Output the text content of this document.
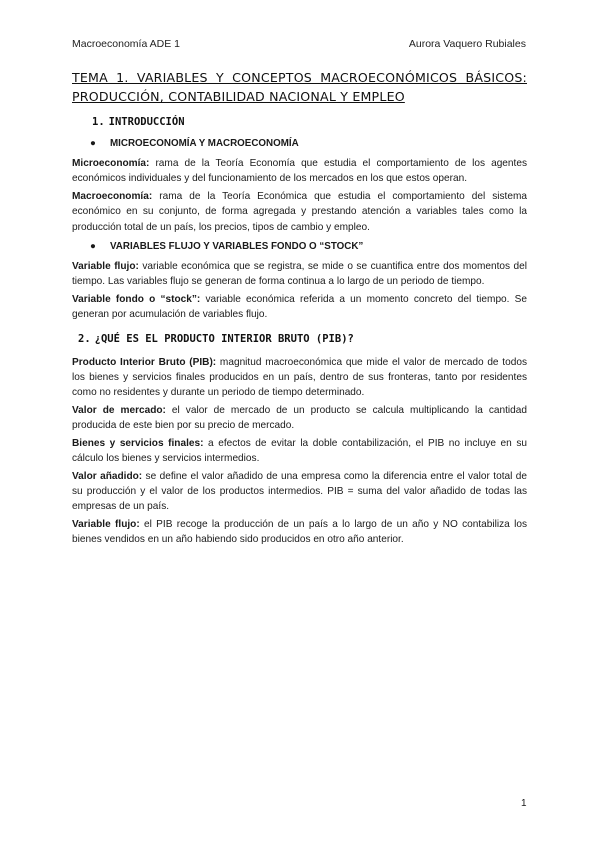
Macroeconomía ADE 1	Aurora Vaquero Rubiales
TEMA 1. VARIABLES Y CONCEPTOS MACROECONÓMICOS BÁSICOS: PRODUCCIÓN, CONTABILIDAD NACIONAL Y EMPLEO
1. INTRODUCCIÓN
● MICROECONOMÍA Y MACROECONOMÍA

Microeconomía: rama de la Teoría Economía que estudia el comportamiento de los agentes económicos individuales y del funcionamiento de los mercados en los que estos operan.

Macroeconomía: rama de la Teoría Económica que estudia el comportamiento del sistema económico en su conjunto, de forma agregada y prestando atención a variables tales como la producción total de un país, los precios, tipos de cambio y empleo.

● VARIABLES FLUJO Y VARIABLES FONDO O “STOCK”

Variable flujo: variable económica que se registra, se mide o se cuantifica entre dos momentos del tiempo. Las variables flujo se generan de forma continua a lo largo de un periodo de tiempo.

Variable fondo o “stock”: variable económica referida a un momento concreto del tiempo. Se generan por acumulación de variables flujo.

2. ¿QUÉ ES EL PRODUCTO INTERIOR BRUTO (PIB)?

Producto Interior Bruto (PIB): magnitud macroeconómica que mide el valor de mercado de todos los bienes y servicios finales producidos en un país, dentro de sus fronteras, tanto por residentes como no residentes y durante un periodo de tiempo determinado.

Valor de mercado: el valor de mercado de un producto se calcula multiplicando la cantidad producida de este bien por su precio de mercado.

Bienes y servicios finales: a efectos de evitar la doble contabilización, el PIB no incluye en su cálculo los bienes y servicios intermedios.

Valor añadido: se define el valor añadido de una empresa como la diferencia entre el valor total de su producción y el valor de los productos intermedios. PIB = suma del valor añadido de todas las empresas de un país.

Variable flujo: el PIB recoge la producción de un país a lo largo de un año y NO contabiliza los bienes vendidos en un año habiendo sido producidos en otro año anterior.

1
